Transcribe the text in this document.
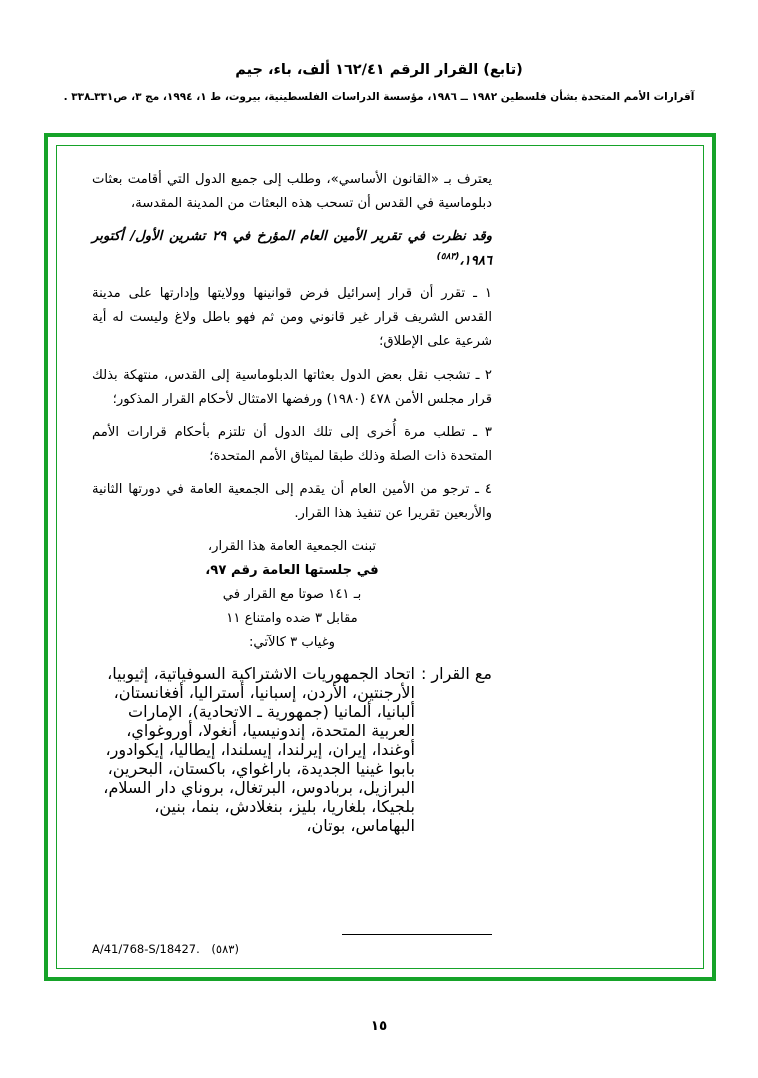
(تابع) القرار الرقم ١٦٢/٤١ ألف، باء، جيم
آقرارات الأمم المتحدة بشأن فلسطين ١٩٨٢ ــ ١٩٨٦، مؤسسة الدراسات الفلسطينية، بيروت، ط ١، ١٩٩٤، مج ٣، ص٣٣١ـ٣٣٨ .

يعترف بـ «القانون الأساسي»، وطلب إلى جميع الدول التي أقامت بعثات دبلوماسية في القدس أن تسحب هذه البعثات من المدينة المقدسة،

وقد نظرت في تقرير الأمين العام المؤرخ في ٢٩ تشرين الأول/ أكتوبر ١٩٨٦،$^{(٥٨٣)}$

١ ـ تقرر أن قرار إسرائيل فرض قوانينها وولايتها وإدارتها على مدينة القدس الشريف قرار غير قانوني ومن ثم فهو باطل ولاغ وليست له أية شرعية على الإطلاق؛

٢ ـ تشجب نقل بعض الدول بعثاتها الدبلوماسية إلى القدس، منتهكة بذلك قرار مجلس الأمن ٤٧٨ (١٩٨٠) ورفضها الامتثال لأحكام القرار المذكور؛

٣ ـ تطلب مرة أُخرى إلى تلك الدول أن تلتزم بأحكام قرارات الأمم المتحدة ذات الصلة وذلك طبقا لميثاق الأمم المتحدة؛

٤ ـ ترجو من الأمين العام أن يقدم إلى الجمعية العامة في دورتها الثانية والأربعين تقريرا عن تنفيذ هذا القرار.

تبنت الجمعية العامة هذا القرار،

في جلستها العامة رقم ٩٧،

بـ ١٤١ صوتا مع القرار في

مقابل ٣ ضده وامتناع ١١

وغياب ٣ كالآتي:

مع القرار :
اتحاد الجمهوريات الاشتراكية السوفياتية، إثيوبيا، الأرجنتين، الأردن، إسبانيا، أستراليا، أفغانستان، ألبانيا، ألمانيا (جمهورية ـ الاتحادية)، الإمارات العربية المتحدة، إندونيسيا، أنغولا، أوروغواي، أوغندا، إيران، إيرلندا، إيسلندا، إيطاليا، إيكوادور، بابوا غينيا الجديدة، باراغواي، باكستان، البحرين، البرازيل، بربادوس، البرتغال، بروناي دار السلام، بلجيكا، بلغاريا، بليز، بنغلادش، بنما، بنين، البهاماس، بوتان،
A/41/768-S/18427. (٥٨٣)
١٥
